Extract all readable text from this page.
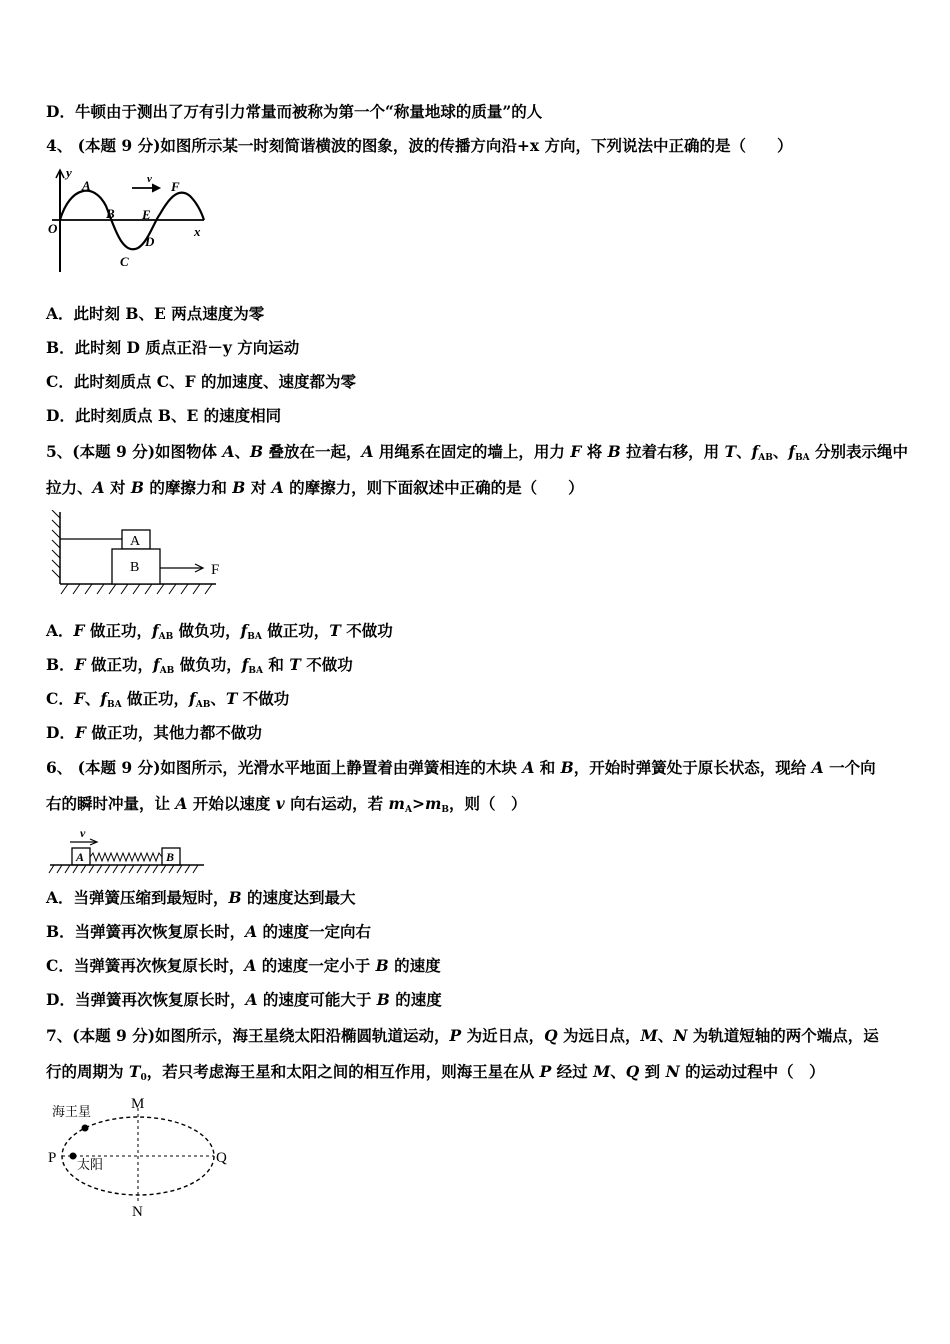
D．牛顿由于测出了万有引力常量而被称为第一个“称量地球的质量”的人
4、 (本题 9 分)如图所示某一时刻简谐横波的图象，波的传播方向沿+x 方向，下列说法中正确的是（　　）
y
x
O
v
A
B
C
D
E
F
A．此时刻 B、E 两点速度为零
B．此时刻 D 质点正沿－y 方向运动
C．此时刻质点 C、F 的加速度、速度都为零
D．此时刻质点 B、E 的速度相同
5、(本题 9 分)如图物体 A、B 叠放在一起，A 用绳系在固定的墙上，用力 F 将 B 拉着右移，用 T、$f_{AB}$、$f_{BA}$ 分别表示绳中
拉力、A 对 B 的摩擦力和 B 对 A 的摩擦力，则下面叙述中正确的是（　　）
A
B	F
A．F 做正功，$f_{AB}$ 做负功，$f_{BA}$ 做正功，T 不做功
B．F 做正功，$f_{AB}$ 做负功，$f_{BA}$ 和 T 不做功
C．F、$f_{BA}$ 做正功，$f_{AB}$、T 不做功
D．F 做正功，其他力都不做功
6、 (本题 9 分)如图所示，光滑水平地面上静置着由弹簧相连的木块 A 和 B，开始时弹簧处于原长状态，现给 A 一个向
右的瞬时冲量，让 A 开始以速度 v 向右运动，若 $m_A>m_B$，则（　）
v
A	B
A．当弹簧压缩到最短时，B 的速度达到最大
B．当弹簧再次恢复原长时，A 的速度一定向右
C．当弹簧再次恢复原长时，A 的速度一定小于 B 的速度
D．当弹簧再次恢复原长时，A 的速度可能大于 B 的速度
7、(本题 9 分)如图所示，海王星绕太阳沿椭圆轨道运动，P 为近日点，Q 为远日点，M、N 为轨道短轴的两个端点，运
行的周期为 $T_0$，若只考虑海王星和太阳之间的相互作用，则海王星在从 P 经过 M、Q 到 N 的运动过程中（　）
海王星
太阳
M
N
P	Q
